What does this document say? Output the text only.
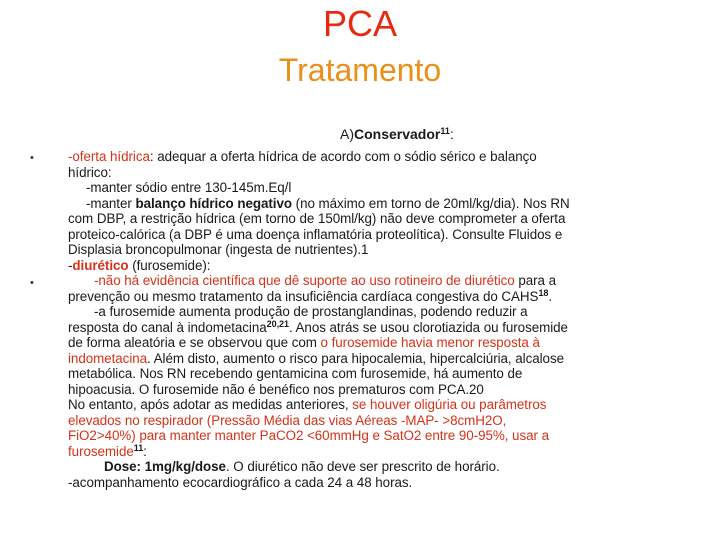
PCA
Tratamento
A)Conservador$^{11}$:
•
•
-oferta hídrica: adequar a oferta hídrica de acordo com o sódio sérico e balanço
hídrico:
-manter sódio entre 130-145m.Eq/l
-manter balanço hídrico negativo (no máximo em torno de 20ml/kg/dia). Nos RN
com DBP, a restrição hídrica (em torno de 150ml/kg) não deve comprometer a oferta
proteico-calórica (a DBP é uma doença inflamatória proteolítica). Consulte Fluidos e
Displasia broncopulmonar (ingesta de nutrientes).1
-diurético (furosemide):
-não há evidência científica que dê suporte ao uso rotineiro de diurético para a
prevenção ou mesmo tratamento da insuficiência cardíaca congestiva do CAHS$^{18}$.
-a furosemide aumenta produção de prostanglandinas, podendo reduzir a
resposta do canal à indometacina$^{20,21}$. Anos atrás se usou clorotiazida ou furosemide
de forma aleatória e se observou que com o furosemide havia menor resposta à
indometacina. Além disto, aumento o risco para hipocalemia, hipercalciúria, alcalose
metabólica. Nos RN recebendo gentamicina com furosemide, há aumento de
hipoacusia. O furosemide não é benéfico nos prematuros com PCA.20
No entanto, após adotar as medidas anteriores, se houver oligúria ou parâmetros
elevados no respirador (Pressão Média das vias Aéreas -MAP- >8cmH2O,
FiO2>40%) para manter manter PaCO2 <60mmHg e SatO2 entre 90-95%, usar a
furosemide$^{11}$:
Dose: 1mg/kg/dose. O diurético não deve ser prescrito de horário.
-acompanhamento ecocardiográfico a cada 24 a 48 horas.
